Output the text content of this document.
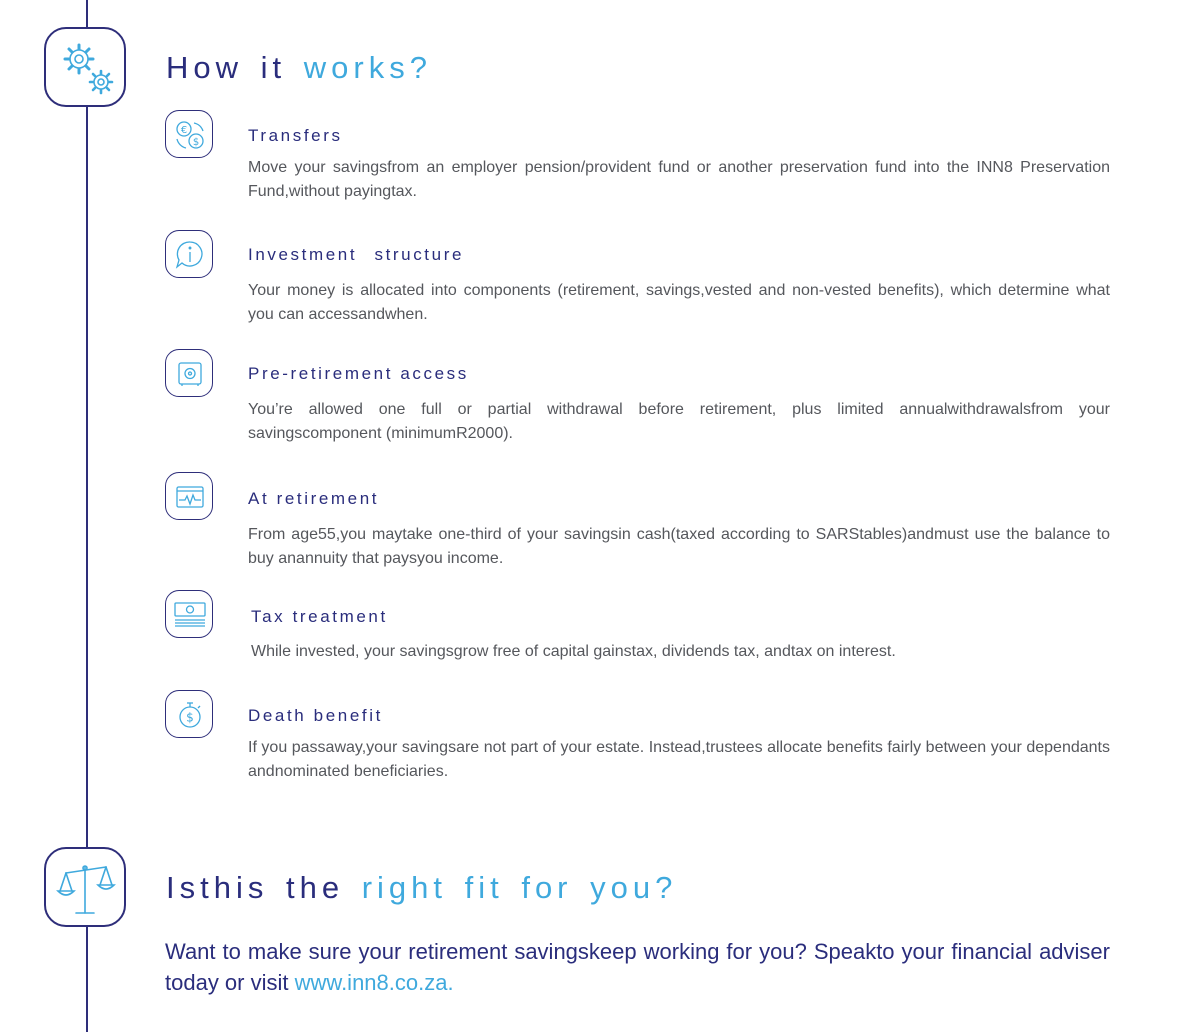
How it works?
€
$	Transfers
Move your savingsfrom an employer pension/provident fund or another preservation fund into the INN8 Preservation Fund,without payingtax.
Investment structure
Your money is allocated into components (retirement, savings,vested and non-vested benefits), which determine what you can accessandwhen.
Pre-retirement access
You’re allowed one full or partial withdrawal before retirement, plus limited annualwithdrawalsfrom your savingscomponent (minimumR2000).
At retirement
From age55,you maytake one-third of your savingsin cash(taxed according to SARStables)andmust use the balance to buy anannuity that paysyou income.
Tax treatment
While invested, your savingsgrow free of capital gainstax, dividends tax, andtax on interest.
$	Death benefit
If you passaway,your savingsare not part of your estate. Instead,trustees allocate benefits fairly between your dependants andnominated beneficiaries.
Isthis the right fit for you?
Want to make sure your retirement savingskeep working for you? Speakto your financial adviser today or visit www.inn8.co.za.
